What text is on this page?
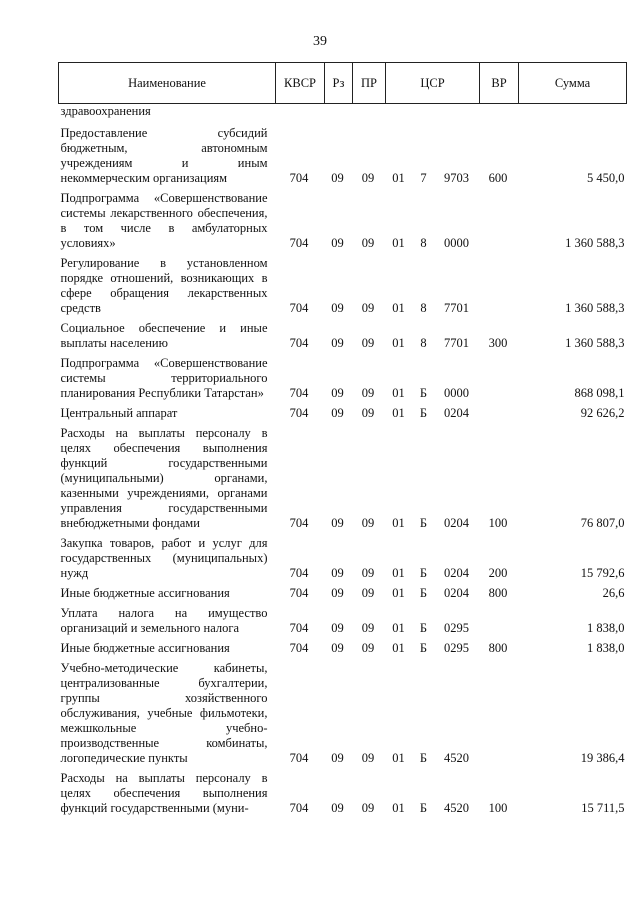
39
Наименование	КВСР	Рз	ПР	ЦСР			ВР	Сумма
здравоохранения								
Предоставление субсидий бюджетным, автономным учреждениям и иным некоммерческим организациям	704	09	09	01	7	9703	600	5 450,0
Подпрограмма «Совершенствование системы лекарственного обеспечения, в том числе в амбулаторных условиях»	704	09	09	01	8	0000		1 360 588,3
Регулирование в установленном порядке отношений, возникающих в сфере обращения лекарственных средств	704	09	09	01	8	7701		1 360 588,3
Социальное обеспечение и иные выплаты населению	704	09	09	01	8	7701	300	1 360 588,3
Подпрограмма «Совершенствование системы территориального планирования Республики Татарстан»	704	09	09	01	Б	0000		868 098,1
Центральный аппарат	704	09	09	01	Б	0204		92 626,2
Расходы на выплаты персоналу в целях обеспечения выполнения функций государственными (муниципальными) органами, казенными учреждениями, органами управления государственными внебюджетными фондами	704	09	09	01	Б	0204	100	76 807,0
Закупка товаров, работ и услуг для государственных (муниципальных) нужд	704	09	09	01	Б	0204	200	15 792,6
Иные бюджетные ассигнования	704	09	09	01	Б	0204	800	26,6
Уплата налога на имущество организаций и земельного налога	704	09	09	01	Б	0295		1 838,0
Иные бюджетные ассигнования	704	09	09	01	Б	0295	800	1 838,0
Учебно-методические кабинеты, централизованные бухгалтерии, группы хозяйственного обслуживания, учебные фильмотеки, межшкольные учебно-производственные комбинаты, логопедические пункты	704	09	09	01	Б	4520		19 386,4
Расходы на выплаты персоналу в целях обеспечения выполнения функций государственными (муни-	704	09	09	01	Б	4520	100	15 711,5
